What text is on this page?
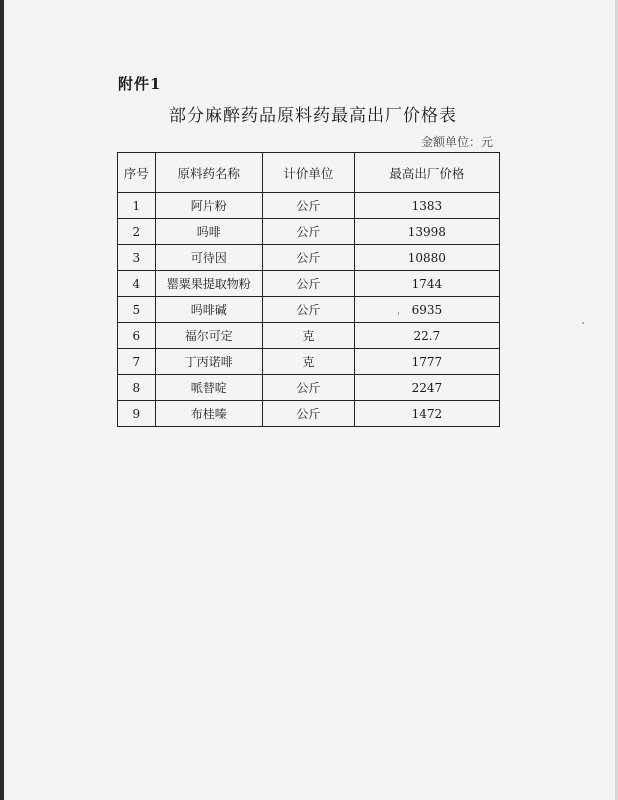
附件1
部分麻醉药品原料药最高出厂价格表
金额单位：元
序号	原料药名称	计价单位	最高出厂价格
1	阿片粉	公斤	1383
2	吗啡	公斤	13998
3	可待因	公斤	10880
4	罂粟果提取物粉	公斤	1744
5	吗啡碱	公斤	6935
6	福尔可定	克	22.7
7	丁丙诺啡	克	1777
8	哌替啶	公斤	2247
9	布桂嗪	公斤	1472
